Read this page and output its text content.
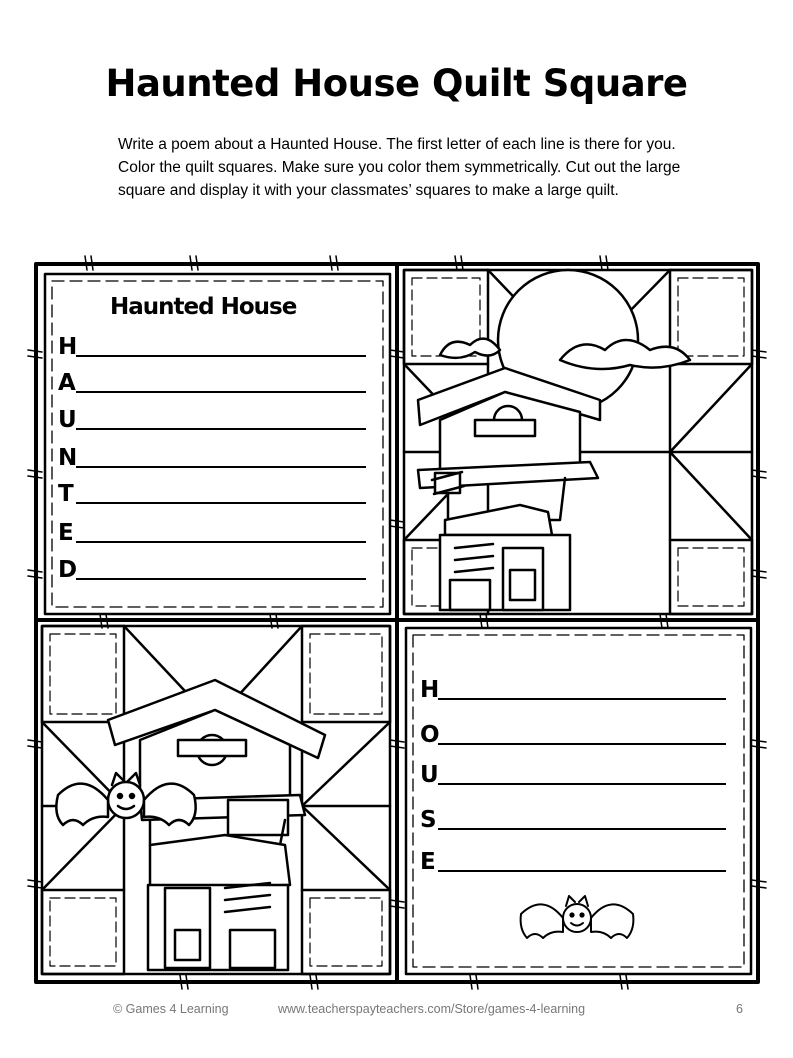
Haunted House Quilt Square
Write a poem about a Haunted House. The first letter of each line is there for you.
Color the quilt squares. Make sure you color them symmetrically. Cut out the large
square and display it with your classmates’ squares to make a large quilt.
Haunted House
H
A
U
N
T
E
D
H
O
U
S
E
© Games 4 Learning	www.teacherspayteachers.com/Store/games-4-learning	6
